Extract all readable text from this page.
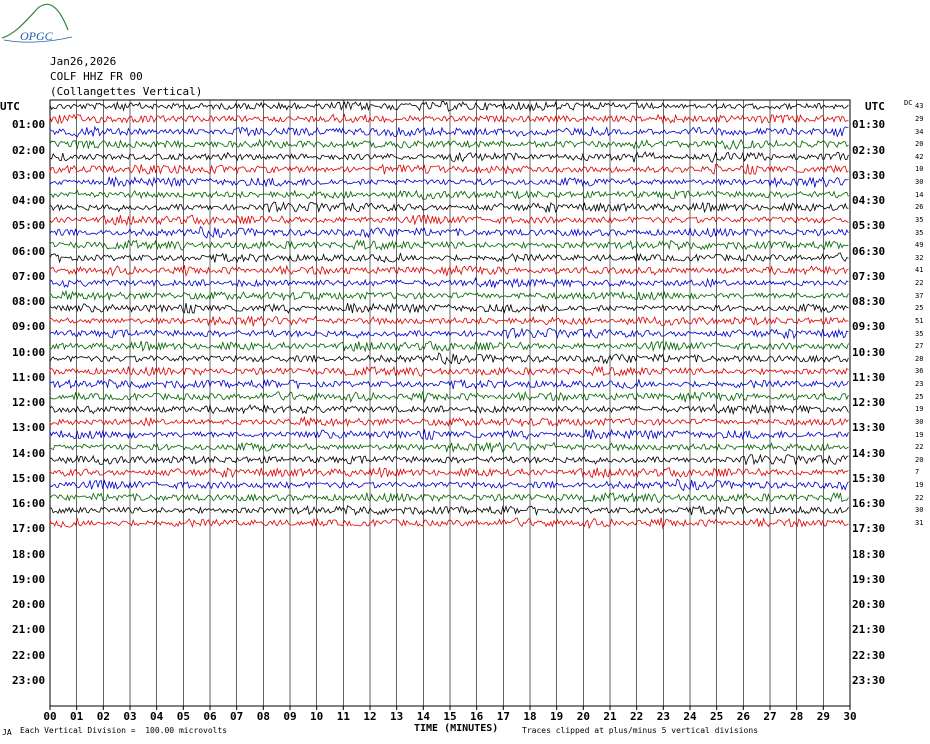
OPGC
Jan26,2026
COLF HHZ FR 00
(Collangettes Vertical)
UTC	UTC	DC
00 01 02 03 04 05 06 07 08 09 10 11 12 13 14 15 16 17 18 19 20 21 22 23 24 25 26 27 28 29 30
01:00
02:00
03:00
04:00
05:00
06:00
07:00
08:00
09:00
10:00
11:00
12:00
13:00
14:00
15:00
16:00
17:00
18:00
19:00
20:00
21:00
22:00
23:00
01:30
02:30
03:30
04:30
05:30
06:30
07:30
08:30
09:30
10:30
11:30
12:30
13:30
14:30
15:30
16:30
17:30
18:30
19:30
20:30
21:30
22:30
23:30
43
29
34
20
42
10
30
14
26
35
35
49
32
41
22
37
25
51
35
27
28
36
23
25
19
30
19
22
20
7
19
22
30
31
JA Each Vertical Division =  100.00 microvolts	TIME (MINUTES)	Traces clipped at plus/minus 5 vertical divisions
